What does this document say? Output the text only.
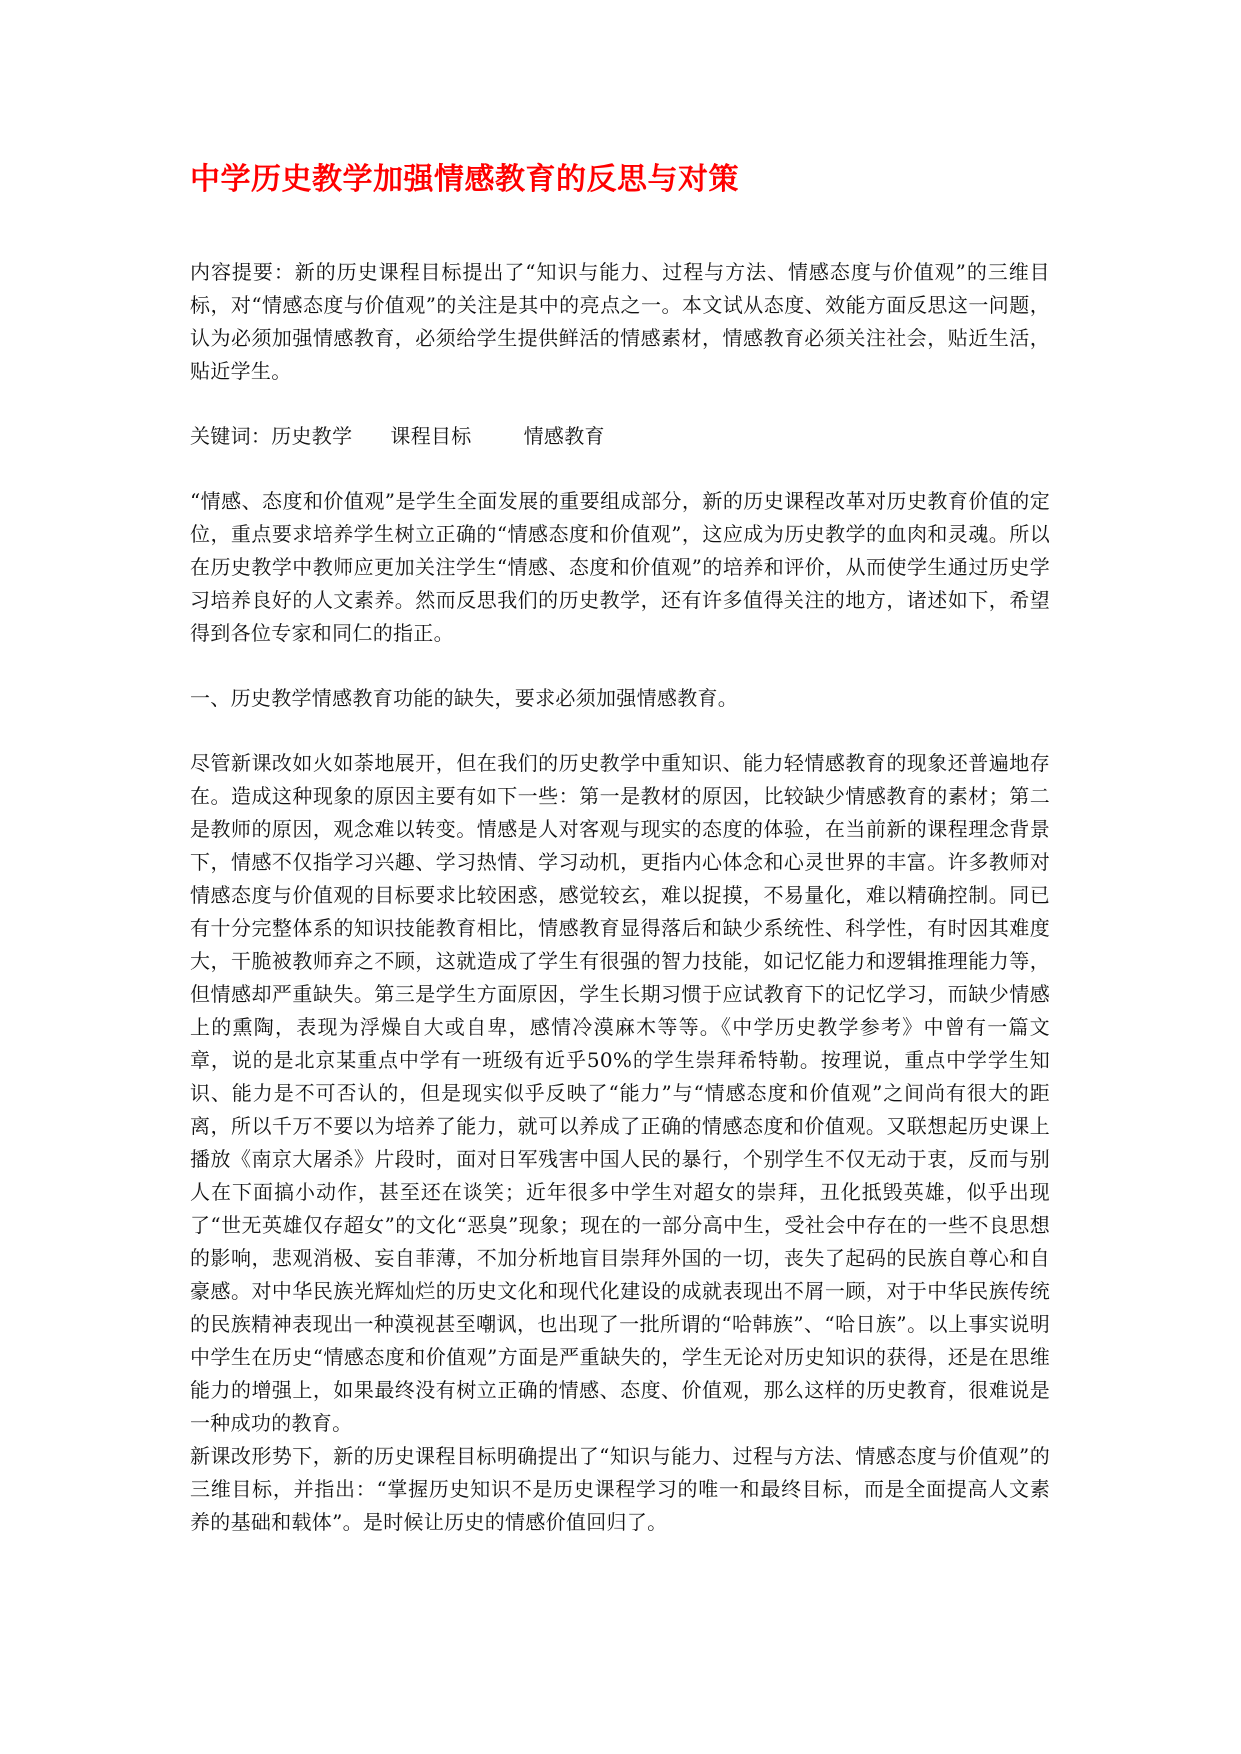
中学历史教学加强情感教育的反思与对策

内容提要：新的历史课程目标提出了“知识与能力、过程与方法、情感态度与价值观”的三维目标，对“情感态度与价值观”的关注是其中的亮点之一。本文试从态度、效能方面反思这一问题，认为必须加强情感教育，必须给学生提供鲜活的情感素材，情感教育必须关注社会，贴近生活，贴近学生。

关键词：历史教学 课程目标	情感教育

“情感、态度和价值观”是学生全面发展的重要组成部分，新的历史课程改革对历史教育价值的定位，重点要求培养学生树立正确的“情感态度和价值观”，这应成为历史教学的血肉和灵魂。所以在历史教学中教师应更加关注学生“情感、态度和价值观”的培养和评价，从而使学生通过历史学习培养良好的人文素养。然而反思我们的历史教学，还有许多值得关注的地方，诸述如下，希望得到各位专家和同仁的指正。

一、历史教学情感教育功能的缺失，要求必须加强情感教育。

尽管新课改如火如荼地展开，但在我们的历史教学中重知识、能力轻情感教育的现象还普遍地存在。造成这种现象的原因主要有如下一些：第一是教材的原因，比较缺少情感教育的素材；第二是教师的原因，观念难以转变。情感是人对客观与现实的态度的体验，在当前新的课程理念背景下，情感不仅指学习兴趣、学习热情、学习动机，更指内心体念和心灵世界的丰富。许多教师对情感态度与价值观的目标要求比较困惑，感觉较玄，难以捉摸，不易量化，难以精确控制。同已有十分完整体系的知识技能教育相比，情感教育显得落后和缺少系统性、科学性，有时因其难度大，干脆被教师弃之不顾，这就造成了学生有很强的智力技能，如记忆能力和逻辑推理能力等，但情感却严重缺失。第三是学生方面原因，学生长期习惯于应试教育下的记忆学习，而缺少情感上的熏陶，表现为浮燥自大或自卑，感情冷漠麻木等等。《中学历史教学参考》中曾有一篇文章，说的是北京某重点中学有一班级有近乎50%的学生崇拜希特勒。按理说，重点中学学生知识、能力是不可否认的，但是现实似乎反映了“能力”与“情感态度和价值观”之间尚有很大的距离，所以千万不要以为培养了能力，就可以养成了正确的情感态度和价值观。又联想起历史课上播放《南京大屠杀》片段时，面对日军残害中国人民的暴行，个别学生不仅无动于衷，反而与别人在下面搞小动作，甚至还在谈笑；近年很多中学生对超女的崇拜，丑化抵毁英雄，似乎出现了“世无英雄仅存超女”的文化“恶臭”现象；现在的一部分高中生，受社会中存在的一些不良思想的影响，悲观消极、妄自菲薄，不加分析地盲目崇拜外国的一切，丧失了起码的民族自尊心和自豪感。对中华民族光辉灿烂的历史文化和现代化建设的成就表现出不屑一顾，对于中华民族传统的民族精神表现出一种漠视甚至嘲讽，也出现了一批所谓的“哈韩族”、“哈日族”。以上事实说明中学生在历史“情感态度和价值观”方面是严重缺失的，学生无论对历史知识的获得，还是在思维能力的增强上，如果最终没有树立正确的情感、态度、价值观，那么这样的历史教育，很难说是一种成功的教育。

新课改形势下，新的历史课程目标明确提出了“知识与能力、过程与方法、情感态度与价值观”的三维目标，并指出：“掌握历史知识不是历史课程学习的唯一和最终目标，而是全面提高人文素养的基础和载体”。是时候让历史的情感价值回归了。
